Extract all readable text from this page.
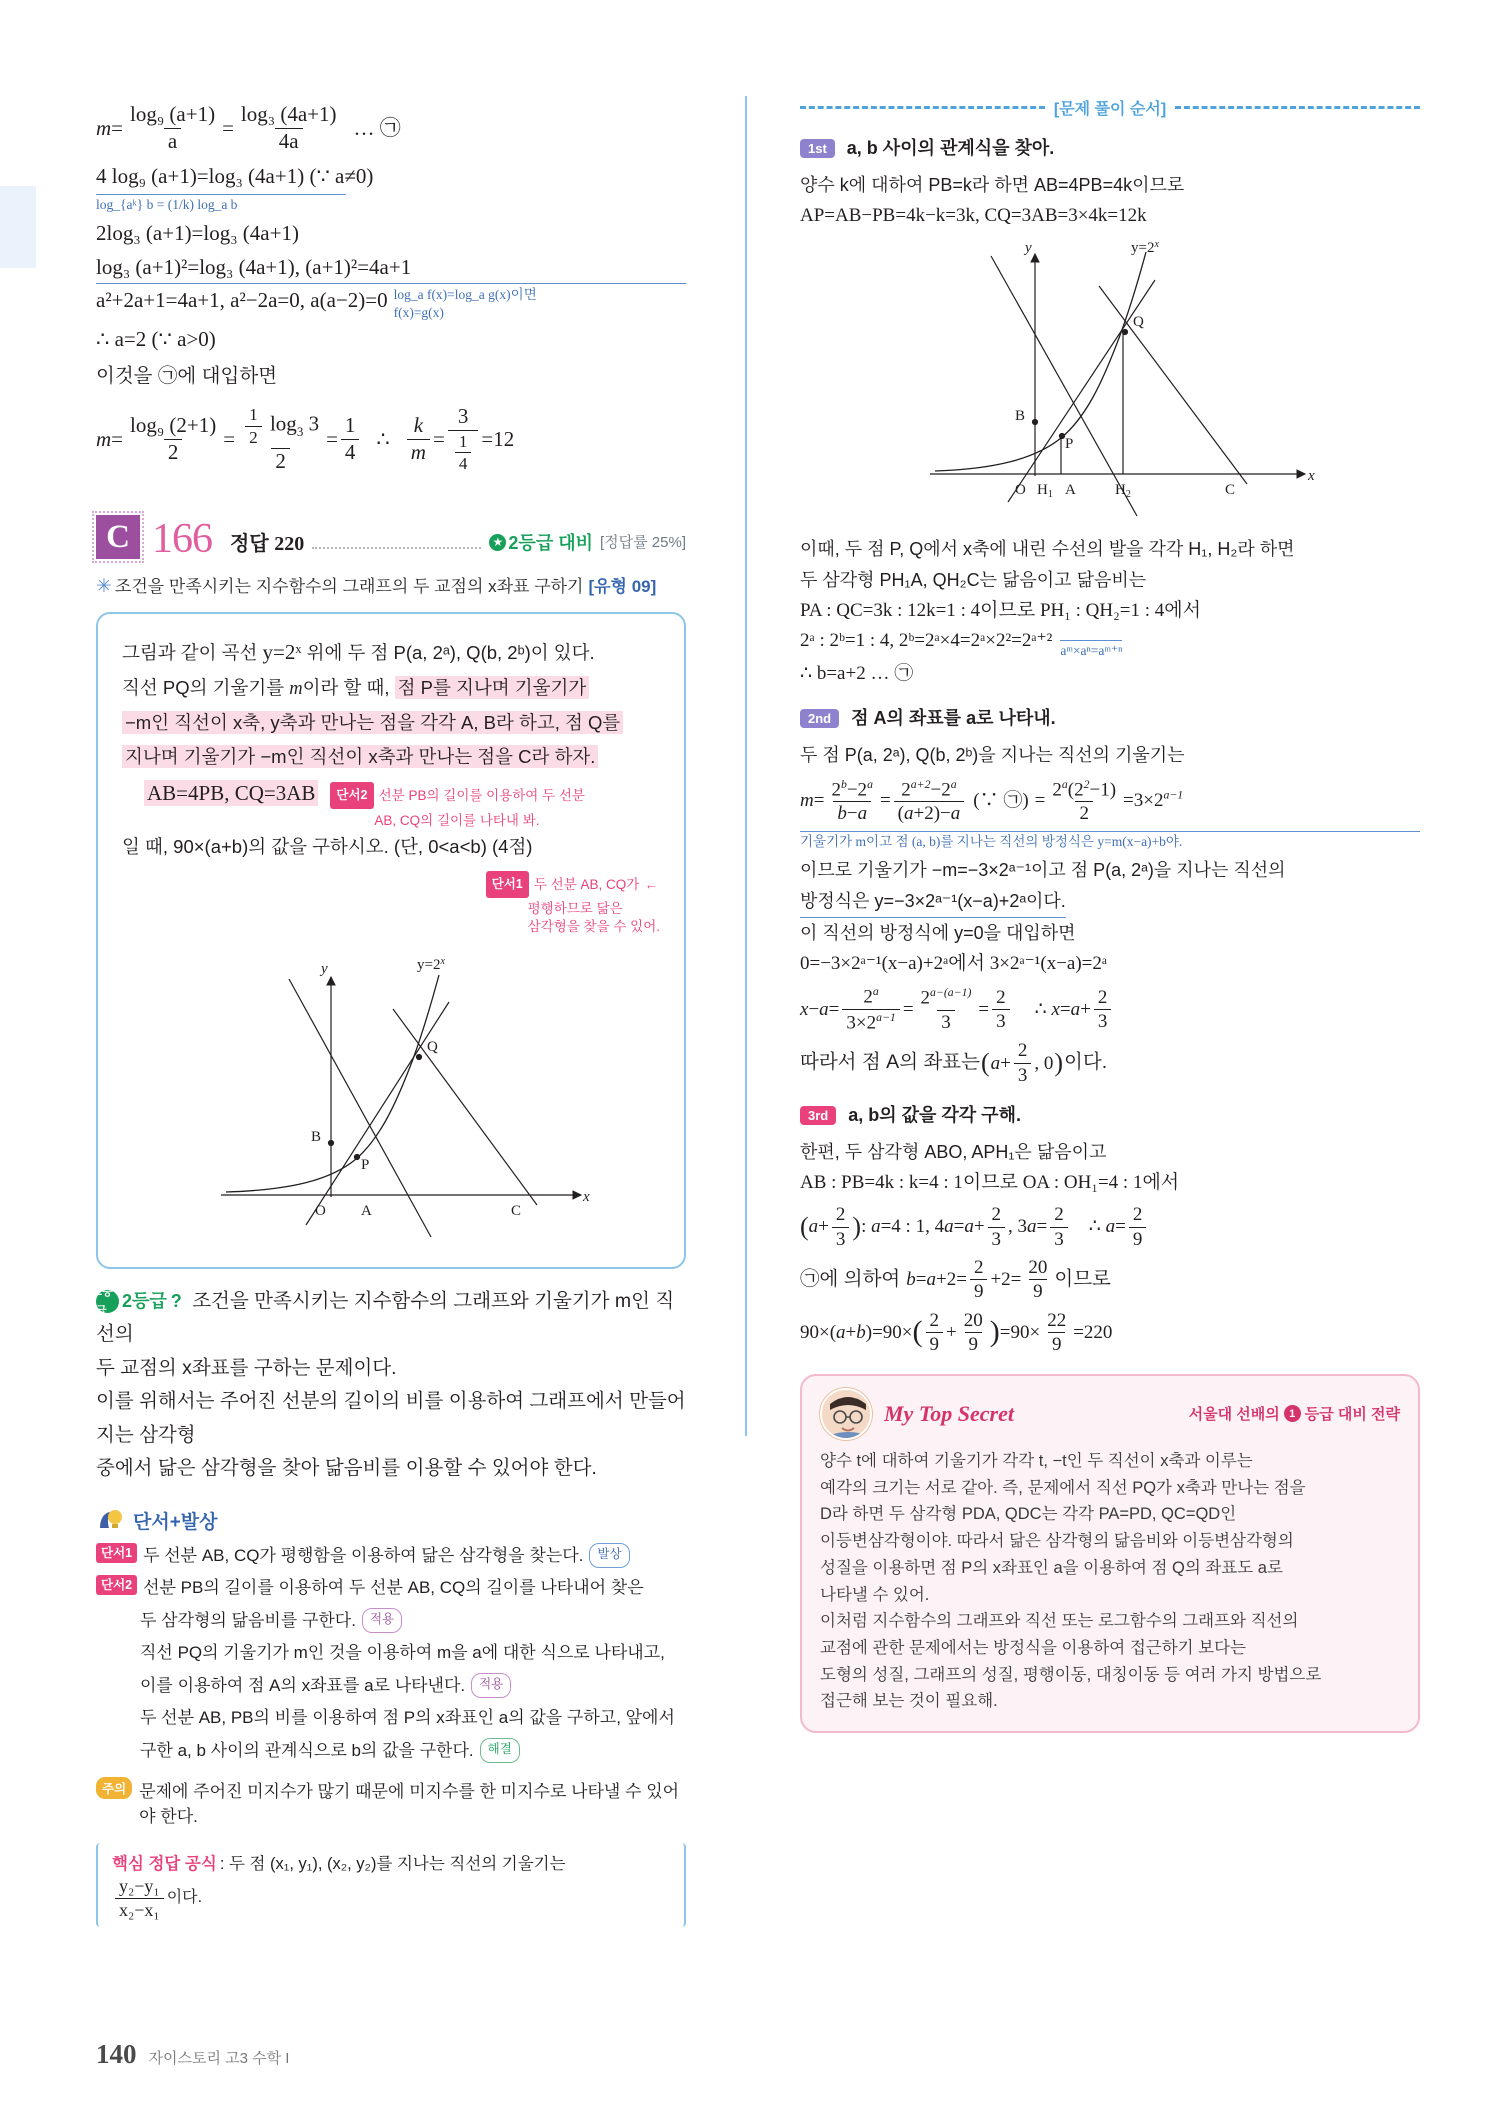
$m = \frac{\text{log₉ (a+1)}}{a} = \frac{\text{log₃ (4a+1)}}{4a}$ … ㉠
4 log₉ (a+1)=log₃ (4a+1) (∵ a≠0)
log_{aᵏ} b = (1/k) log_a b
2log₃ (a+1)=log₃ (4a+1)
log₃ (a+1)²=log₃ (4a+1), (a+1)²=4a+1
a²+2a+1=4a+1, a²−2a=0, a(a−2)=0 log_a f(x)=log_a g(x)이면
f(x)=g(x)
∴ a=2 (∵ a>0)
이것을 ㉠에 대입하면
$m = \frac{\text{log₉ (2+1)}}{2} = \frac{\frac{1}{2} \log_3 3}{2} = \frac{1}{4}$ ∴ $\frac{k}{m} = \frac{3}{\frac{1}{4}} = 12$
C 166 정답 220	★ 2등급 대비 [정답률 25%]
✳ 조건을 만족시키는 지수함수의 그래프의 두 교점의 x좌표 구하기 [유형 09]
그림과 같이 곡선 y=2ˣ 위에 두 점 P(a, 2ᵃ), Q(b, 2ᵇ)이 있다.
직선 PQ의 기울기를 m이라 할 때, 점 P를 지나며 기울기가
−m인 직선이 x축, y축과 만나는 점을 각각 A, B라 하고, 점 Q를
지나며 기울기가 −m인 직선이 x축과 만나는 점을 C라 하자.
AB=4PB, CQ=3AB	단서2 선분 PB의 길이를 이용하여 두 선분
AB, CQ의 길이를 나타내 봐.
일 때, 90×(a+b)의 값을 구하시오. (단, 0<a<b) (4점)
단서1 두 선분 AB, CQ가 ←
평행하므로 닮은
삼각형을 찾을 수 있어.
y
x
$y=2^x$
Q
P
B
O A	C
2등급 2등급 ? 조건을 만족시키는 지수함수의 그래프와 기울기가 m인 직선의
두 교점의 x좌표를 구하는 문제이다.
이를 위해서는 주어진 선분의 길이의 비를 이용하여 그래프에서 만들어지는 삼각형
중에서 닮은 삼각형을 찾아 닮음비를 이용할 수 있어야 한다.
단서+발상
단서1 두 선분 AB, CQ가 평행함을 이용하여 닮은 삼각형을 찾는다.	발상
단서2 선분 PB의 길이를 이용하여 두 선분 AB, CQ의 길이를 나타내어 찾은
두 삼각형의 닮음비를 구한다.	적용
직선 PQ의 기울기가 m인 것을 이용하여 m을 a에 대한 식으로 나타내고,
이를 이용하여 점 A의 x좌표를 a로 나타낸다.	적용
두 선분 AB, PB의 비를 이용하여 점 P의 x좌표인 a의 값을 구하고, 앞에서
구한 a, b 사이의 관계식으로 b의 값을 구한다.	해결
주의 문제에 주어진 미지수가 많기 때문에 미지수를 한 미지수로 나타낼 수 있어야 한다.
핵심 정답 공식 : 두 점 (x₁, y₁), (x₂, y₂)를 지나는 직선의 기울기는
$\frac{\text{y₂−y₁}}{\text{x₂−x₁}}$ 이다.
[문제 풀이 순서]
1st	a, b 사이의 관계식을 찾아.
양수 k에 대하여 PB=k라 하면 AB=4PB=4k이므로
AP=AB−PB=4k−k=3k, CQ=3AB=3×4k=12k
y
x
$y=2^x$
Q
P
B
O $H_1$ A	$H_2$	C
이때, 두 점 P, Q에서 x축에 내린 수선의 발을 각각 H₁, H₂라 하면
두 삼각형 PH₁A, QH₂C는 닮음이고 닮음비는
PA : QC=3k : 12k=1 : 4이므로 PH₁ : QH₂=1 : 4에서
2ᵃ : 2ᵇ=1 : 4, 2ᵇ=2ᵃ×4=2ᵃ×2²=2ᵃ⁺² aᵐ×aⁿ=aᵐ⁺ⁿ
∴ b=a+2 … ㉠
2nd	점 A의 좌표를 a로 나타내.
두 점 P(a, 2ᵃ), Q(b, 2ᵇ)을 지나는 직선의 기울기는
$m = \frac{2^b-2^a}{b-a} = \frac{2^{a+2}-2^a}{(a+2)-a}$ (∵ ㉠) = $\frac{2^a(2^2-1)}{2} =3\times 2^{a-1}$
기울기가 m이고 점 (a, b)를 지나는 직선의 방정식은 y=m(x−a)+b야.
이므로 기울기가 −m=−3×2ᵃ⁻¹이고 점 P(a, 2ᵃ)을 지나는 직선의
방정식은 y=−3×2ᵃ⁻¹(x−a)+2ᵃ이다.
이 직선의 방정식에 y=0을 대입하면
0=−3×2ᵃ⁻¹(x−a)+2ᵃ에서 3×2ᵃ⁻¹(x−a)=2ᵃ
$x-a= \frac{2^a}{3\times 2^{a-1}} = \frac{2^{a-(a-1)}}{3} = \frac{2}{3}$ ∴ $x=a+ \frac{2}{3}$
따라서 점 A의 좌표는 ( $a+ \frac{2}{3}$ , 0 ) 이다.
3rd	a, b의 값을 각각 구해.
한편, 두 삼각형 ABO, APH₁은 닮음이고
AB : PB=4k : k=4 : 1이므로 OA : OH₁=4 : 1에서
( $a+ \frac{2}{3}$ ) : a=4 : 1, $4a=a+ \frac{2}{3}$ , $3a= \frac{2}{3}$ ∴ $a= \frac{2}{9}$
㉠에 의하여 $b=a+2= \frac{2}{9} +2= \frac{20}{9}$ 이므로
90×(a+b)=90× ( $\frac{2}{9} + \frac{20}{9}$ ) $=90\times \frac{22}{9} =220$
My Top Secret	서울대 선배의 1 등급 대비 전략
양수 t에 대하여 기울기가 각각 t, −t인 두 직선이 x축과 이루는
예각의 크기는 서로 같아. 즉, 문제에서 직선 PQ가 x축과 만나는 점을
D라 하면 두 삼각형 PDA, QDC는 각각 PA=PD, QC=QD인
이등변삼각형이야. 따라서 닮은 삼각형의 닮음비와 이등변삼각형의
성질을 이용하면 점 P의 x좌표인 a을 이용하여 점 Q의 좌표도 a로
나타낼 수 있어.
이처럼 지수함수의 그래프와 직선 또는 로그함수의 그래프와 직선의
교점에 관한 문제에서는 방정식을 이용하여 접근하기 보다는
도형의 성질, 그래프의 성질, 평행이동, 대칭이동 등 여러 가지 방법으로
접근해 보는 것이 필요해.
140 자이스토리 고3 수학 I
